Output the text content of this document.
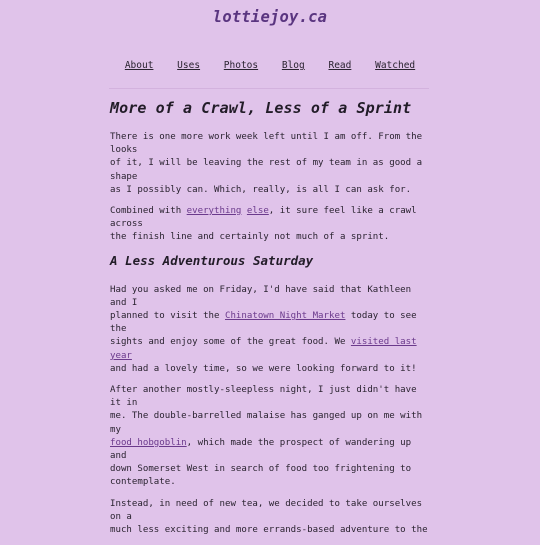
lottiejoy.ca
About Uses Photos Blog Read Watched
More of a Crawl, Less of a Sprint

There is one more work week left until I am off. From the looks
of it, I will be leaving the rest of my team in as good a shape
as I possibly can. Which, really, is all I can ask for.

Combined with everything else, it sure feel like a crawl across
the finish line and certainly not much of a sprint.

A Less Adventurous Saturday

Had you asked me on Friday, I'd have said that Kathleen and I
planned to visit the Chinatown Night Market today to see the
sights and enjoy some of the great food. We visited last year
and had a lovely time, so we were looking forward to it!

After another mostly-sleepless night, I just didn't have it in
me. The double-barrelled malaise has ganged up on me with my
food hobgoblin, which made the prospect of wandering up and
down Somerset West in search of food too frightening to
contemplate.

Instead, in need of new tea, we decided to take ourselves on a
much less exciting and more errands-based adventure to the
